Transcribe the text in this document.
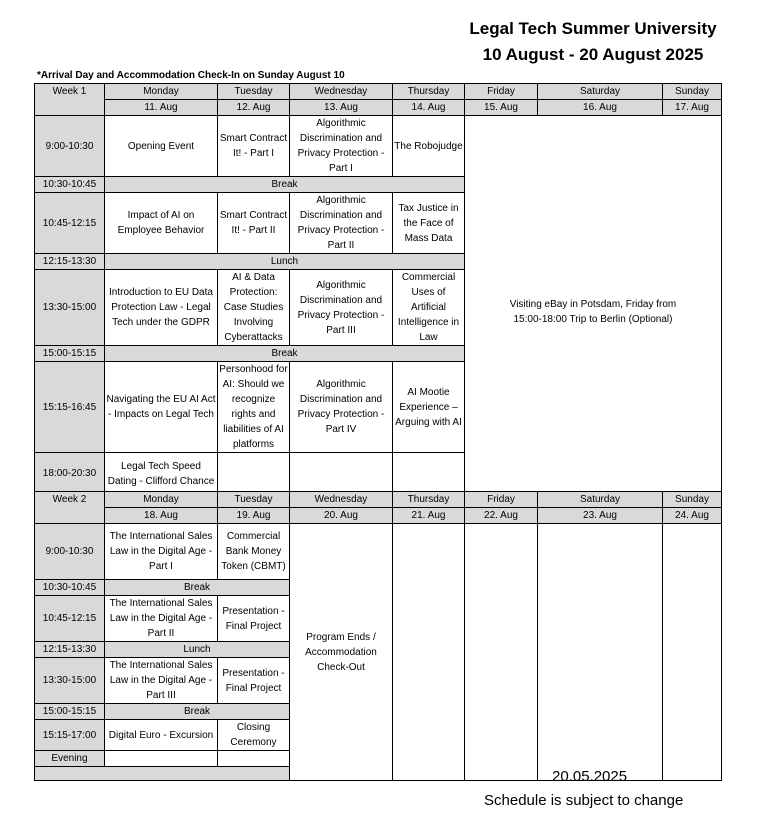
Legal Tech Summer University
10 August - 20 August 2025
*Arrival Day and Accommodation Check-In on Sunday August 10
Week 1	Monday	Tuesday	Wednesday	Thursday	Friday	Saturday	Sunday
	11. Aug	12. Aug	13. Aug	14. Aug	15. Aug	16. Aug	17. Aug
9:00-10:30	Opening Event	Smart Contract It! - Part I	Algorithmic Discrimination and Privacy Protection - Part I	The Robojudge	Visiting eBay in Potsdam, Friday from 15:00-18:00 Trip to Berlin (Optional)		

10:30-10:45	Break						
10:45-12:15	Impact of AI on Employee Behavior	Smart Contract It! - Part II	Algorithmic Discrimination and Privacy Protection - Part II	Tax Justice in the Face of Mass Data			
12:15-13:30	Lunch						
13:30-15:00	Introduction to EU Data Protection Law - Legal Tech under the GDPR	AI & Data Protection: Case Studies Involving Cyberattacks	Algorithmic Discrimination and Privacy Protection - Part III	Commercial Uses of Artificial Intelligence in Law			
15:00-15:15	Break						
15:15-16:45	Navigating the EU AI Act - Impacts on Legal Tech	Personhood for AI: Should we recognize rights and liabilities of AI platforms	Algorithmic Discrimination and Privacy Protection - Part IV	AI Mootie Experience – Arguing with AI			
18:00-20:30	Legal Tech Speed Dating - Clifford Chance						

Week 2	Monday	Tuesday	Wednesday	Thursday	Friday	Saturday	Sunday
	18. Aug	19. Aug	20. Aug	21. Aug	22. Aug	23. Aug	24. Aug
9:00-10:30	The International Sales Law in the Digital Age - Part I	Commercial Bank Money Token (CBMT)	Program Ends / Accommodation Check-Out				
10:30-10:45	Break						
10:45-12:15	The International Sales Law in the Digital Age - Part II	Presentation - Final Project					
12:15-13:30	Lunch						
13:30-15:00	The International Sales Law in the Digital Age - Part III	Presentation - Final Project					
15:00-15:15	Break						
15:15-17:00	Digital Euro - Excursion	Closing Ceremony					
Evening							

20.05.2025
Schedule is subject to change
